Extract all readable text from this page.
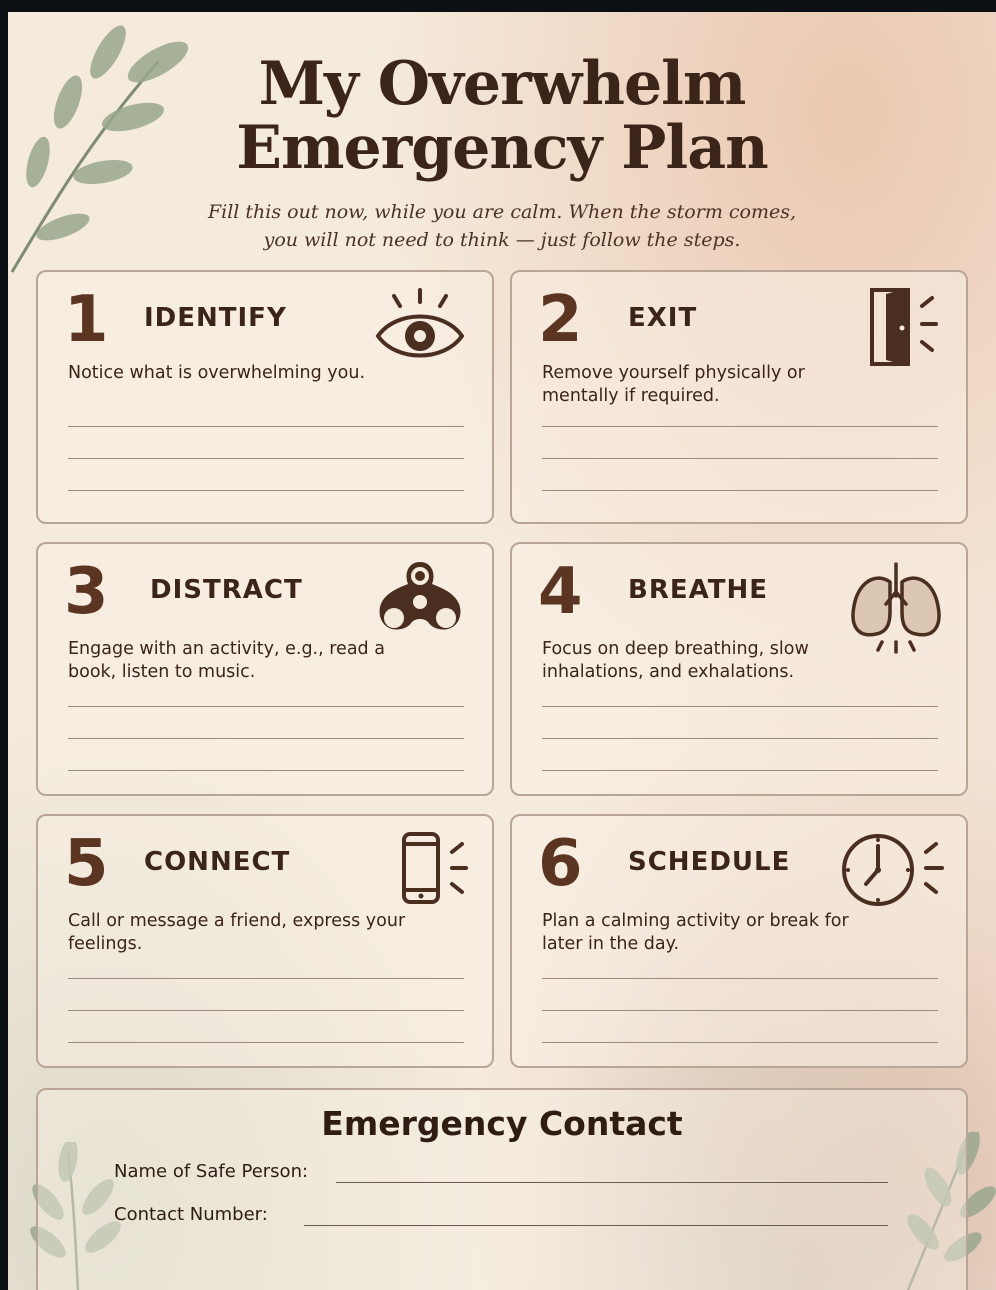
My Overwhelm
Emergency Plan
Fill this out now, while you are calm. When the storm comes,
you will not need to think — just follow the steps.
1 IDENTIFY
Notice what is overwhelming you.
2 EXIT
Remove yourself physically or mentally if required.
3 DISTRACT
Engage with an activity, e.g., read a book, listen to music.
4 BREATHE
Focus on deep breathing, slow inhalations, and exhalations.
5 CONNECT
Call or message a friend, express your feelings.
6 SCHEDULE
Plan a calming activity or break for later in the day.
Emergency Contact
Name of Safe Person:
Contact Number:
